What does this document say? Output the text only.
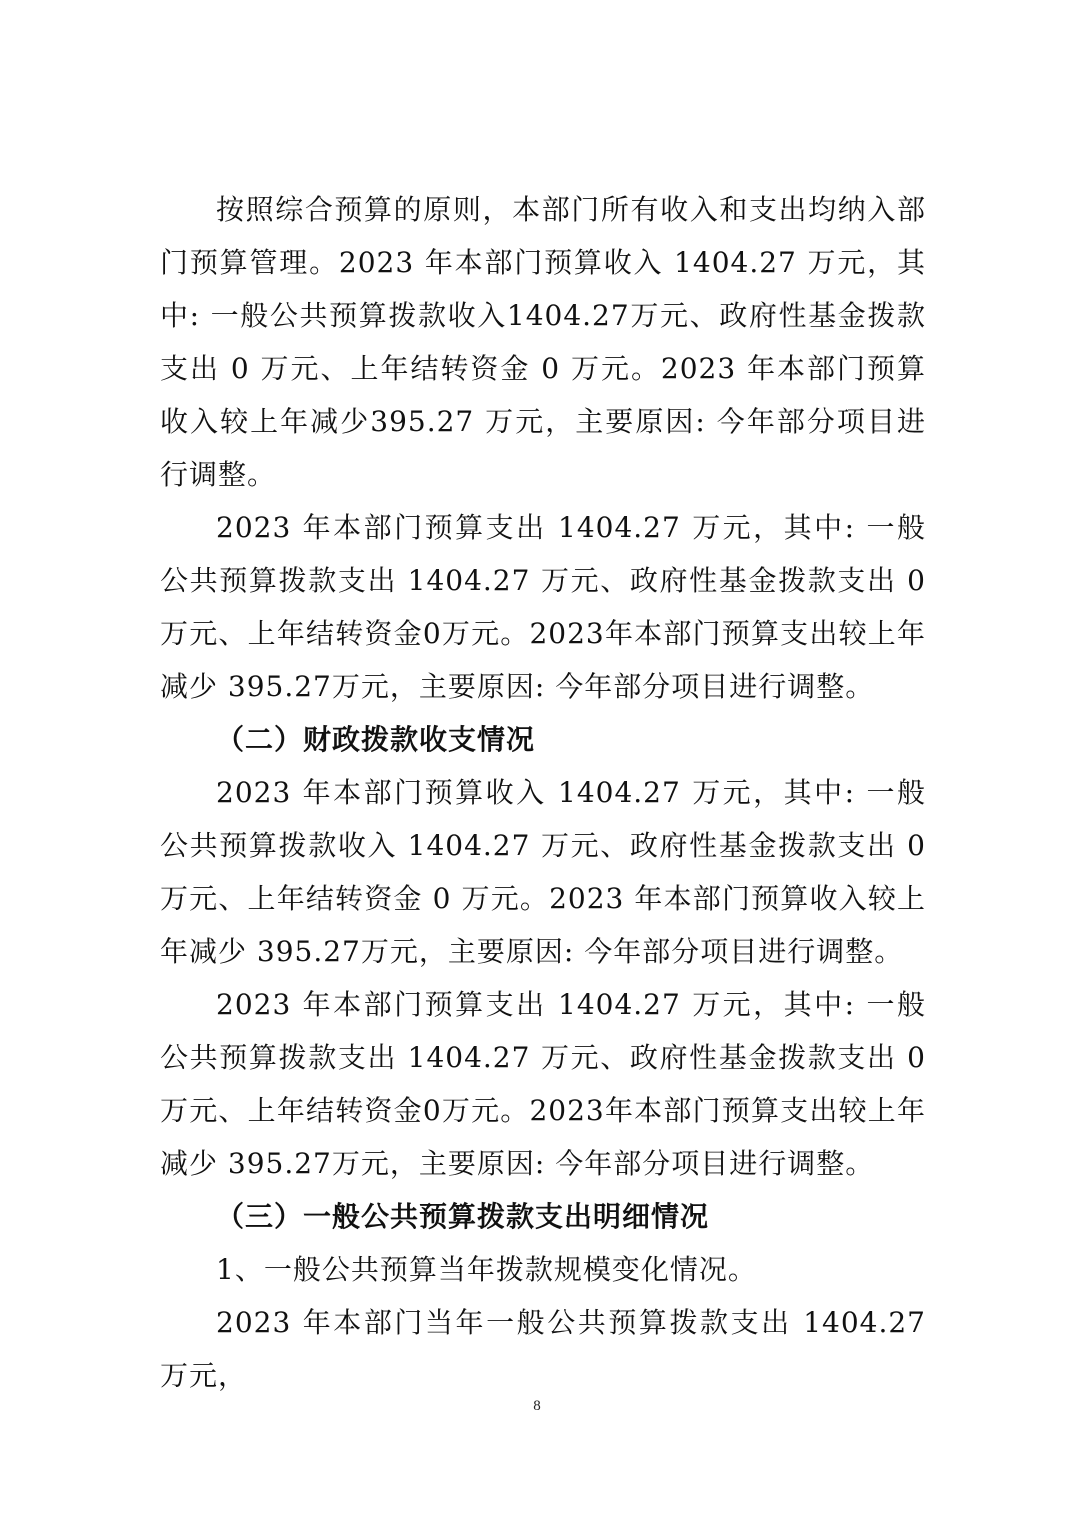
按照综合预算的原则，本部门所有收入和支出均纳入部门预算管理。2023 年本部门预算收入 1404.27 万元，其中: 一般公共预算拨款收入1404.27万元、政府性基金拨款支出 0 万元、上年结转资金 0 万元。2023 年本部门预算收入较上年减少395.27 万元，主要原因: 今年部分项目进行调整。

2023 年本部门预算支出 1404.27 万元，其中: 一般公共预算拨款支出 1404.27 万元、政府性基金拨款支出 0 万元、上年结转资金0万元。2023年本部门预算支出较上年减少 395.27万元，主要原因: 今年部分项目进行调整。

（二）财政拨款收支情况

2023 年本部门预算收入 1404.27 万元，其中: 一般公共预算拨款收入 1404.27 万元、政府性基金拨款支出 0 万元、上年结转资金 0 万元。2023 年本部门预算收入较上年减少 395.27万元，主要原因: 今年部分项目进行调整。

2023 年本部门预算支出 1404.27 万元，其中: 一般公共预算拨款支出 1404.27 万元、政府性基金拨款支出 0 万元、上年结转资金0万元。2023年本部门预算支出较上年减少 395.27万元，主要原因: 今年部分项目进行调整。

（三）一般公共预算拨款支出明细情况

1、一般公共预算当年拨款规模变化情况。

2023 年本部门当年一般公共预算拨款支出 1404.27 万元，

8
